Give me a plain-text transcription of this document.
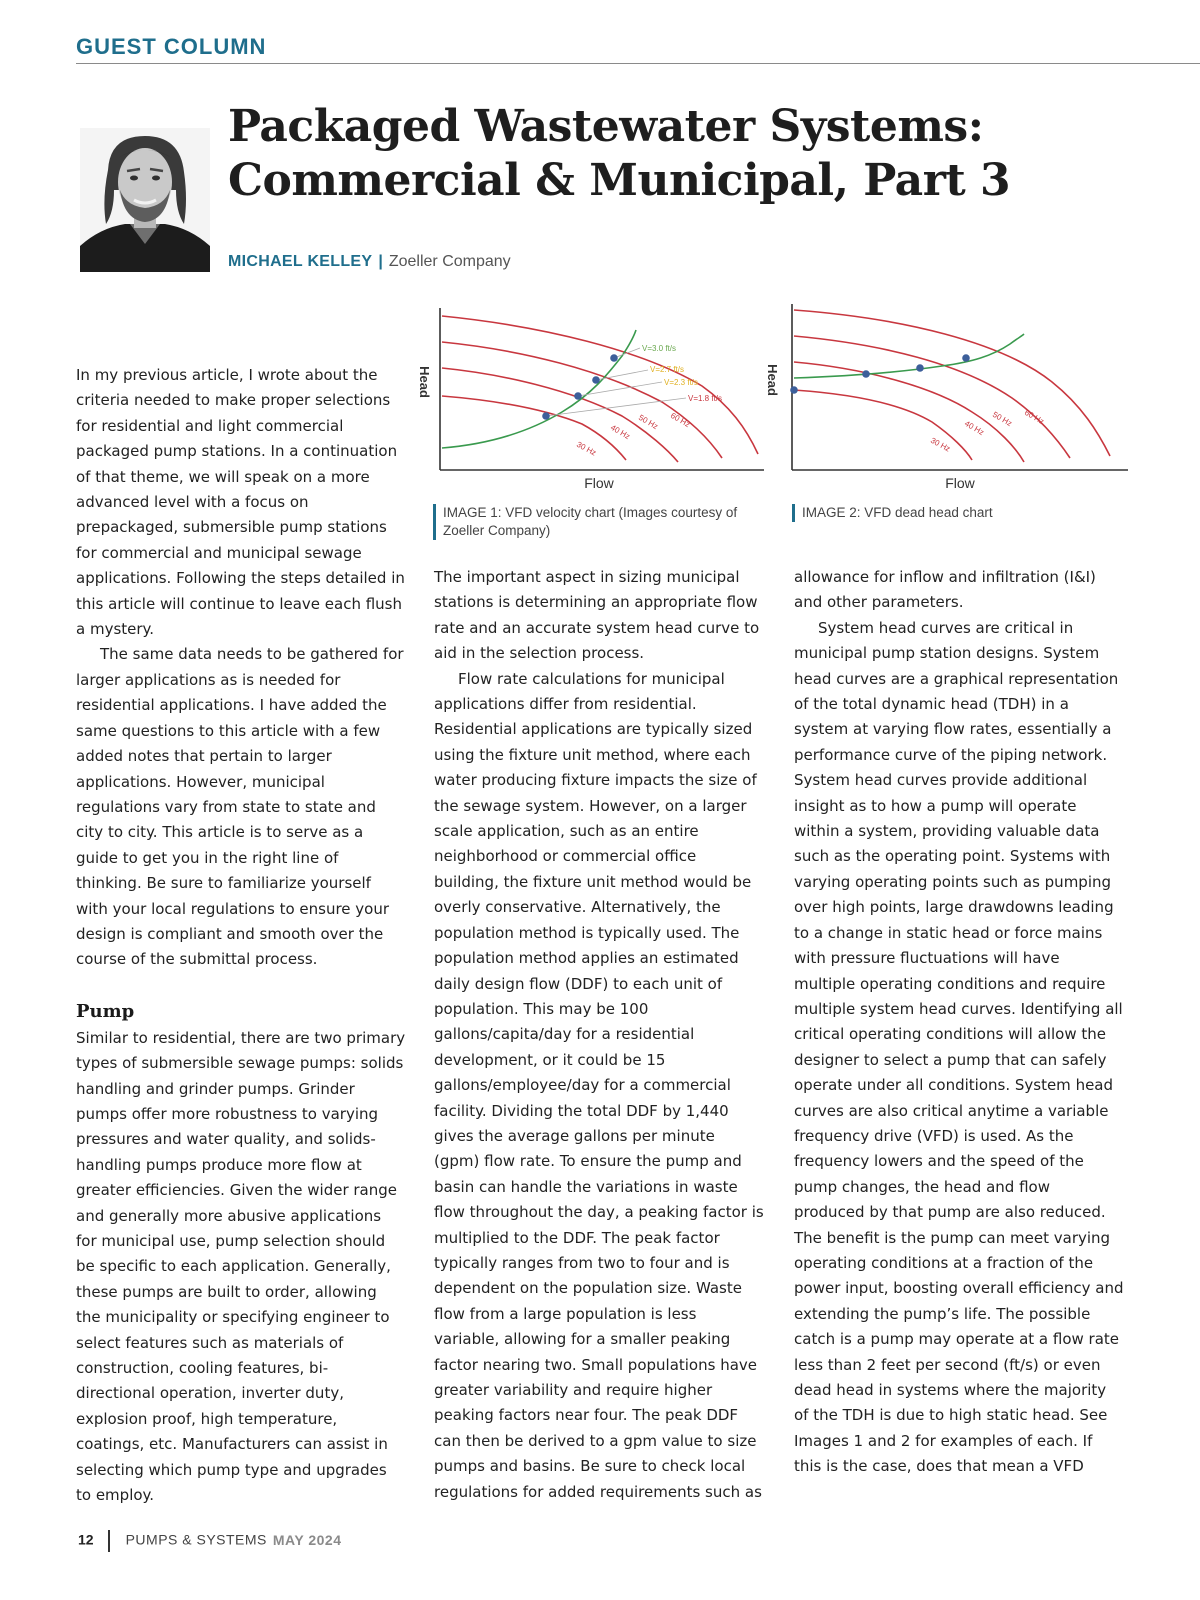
GUEST COLUMN
Packaged Wastewater Systems:
Commercial & Municipal, Part 3
MICHAEL KELLEY | Zoeller Company
Head
Flow
V=3.0 ft/s
V=2.7 ft/s
V=2.3 ft/s
V=1.8 ft/s
30 Hz
40 Hz
50 Hz 60 Hz
IMAGE 1: VFD velocity chart (Images courtesy of Zoeller Company)
Head
Flow
30 Hz
40 Hz 50 Hz 60 Hz
IMAGE 2: VFD dead head chart

In my previous article, I wrote about the criteria needed to make proper selections for residential and light commercial packaged pump stations. In a continuation of that theme, we will speak on a more advanced level with a focus on prepackaged, submersible pump stations for commercial and municipal sewage applications. Following the steps detailed in this article will continue to leave each flush a mystery.

The same data needs to be gathered for larger applications as is needed for residential applications. I have added the same questions to this article with a few added notes that pertain to larger applications. However, municipal regulations vary from state to state and city to city. This article is to serve as a guide to get you in the right line of thinking. Be sure to familiarize yourself with your local regulations to ensure your design is compliant and smooth over the course of the submittal process.

Pump

Similar to residential, there are two primary types of submersible sewage pumps: solids handling and grinder pumps. Grinder pumps offer more robustness to varying pressures and water quality, and solids-handling pumps produce more flow at greater efficiencies. Given the wider range and generally more abusive applications for municipal use, pump selection should be specific to each application. Generally, these pumps are built to order, allowing the municipality or specifying engineer to select features such as materials of construction, cooling features, bi-directional operation, inverter duty, explosion proof, high temperature, coatings, etc. Manufacturers can assist in selecting which pump type and upgrades to employ.

The important aspect in sizing municipal stations is determining an appropriate flow rate and an accurate system head curve to aid in the selection process.

Flow rate calculations for municipal applications differ from residential. Residential applications are typically sized using the fixture unit method, where each water producing fixture impacts the size of the sewage system. However, on a larger scale application, such as an entire neighborhood or commercial office building, the fixture unit method would be overly conservative. Alternatively, the population method is typically used. The population method applies an estimated daily design flow (DDF) to each unit of population. This may be 100 gallons/capita/day for a residential development, or it could be 15 gallons/employee/day for a commercial facility. Dividing the total DDF by 1,440 gives the average gallons per minute (gpm) flow rate. To ensure the pump and basin can handle the variations in waste flow throughout the day, a peaking factor is multiplied to the DDF. The peak factor typically ranges from two to four and is dependent on the population size. Waste flow from a large population is less variable, allowing for a smaller peaking factor nearing two. Small populations have greater variability and require higher peaking factors near four. The peak DDF can then be derived to a gpm value to size pumps and basins. Be sure to check local regulations for added requirements such as

allowance for inflow and infiltration (I&I) and other parameters.

System head curves are critical in municipal pump station designs. System head curves are a graphical representation of the total dynamic head (TDH) in a system at varying flow rates, essentially a performance curve of the piping network. System head curves provide additional insight as to how a pump will operate within a system, providing valuable data such as the operating point. Systems with varying operating points such as pumping over high points, large drawdowns leading to a change in static head or force mains with pressure fluctuations will have multiple operating conditions and require multiple system head curves. Identifying all critical operating conditions will allow the designer to select a pump that can safely operate under all conditions. System head curves are also critical anytime a variable frequency drive (VFD) is used. As the frequency lowers and the speed of the pump changes, the head and flow produced by that pump are also reduced. The benefit is the pump can meet varying operating conditions at a fraction of the power input, boosting overall efficiency and extending the pump’s life. The possible catch is a pump may operate at a flow rate less than 2 feet per second (ft/s) or even dead head in systems where the majority of the TDH is due to high static head. See Images 1 and 2 for examples of each. If this is the case, does that mean a VFD

12 PUMPS & SYSTEMS MAY 2024
